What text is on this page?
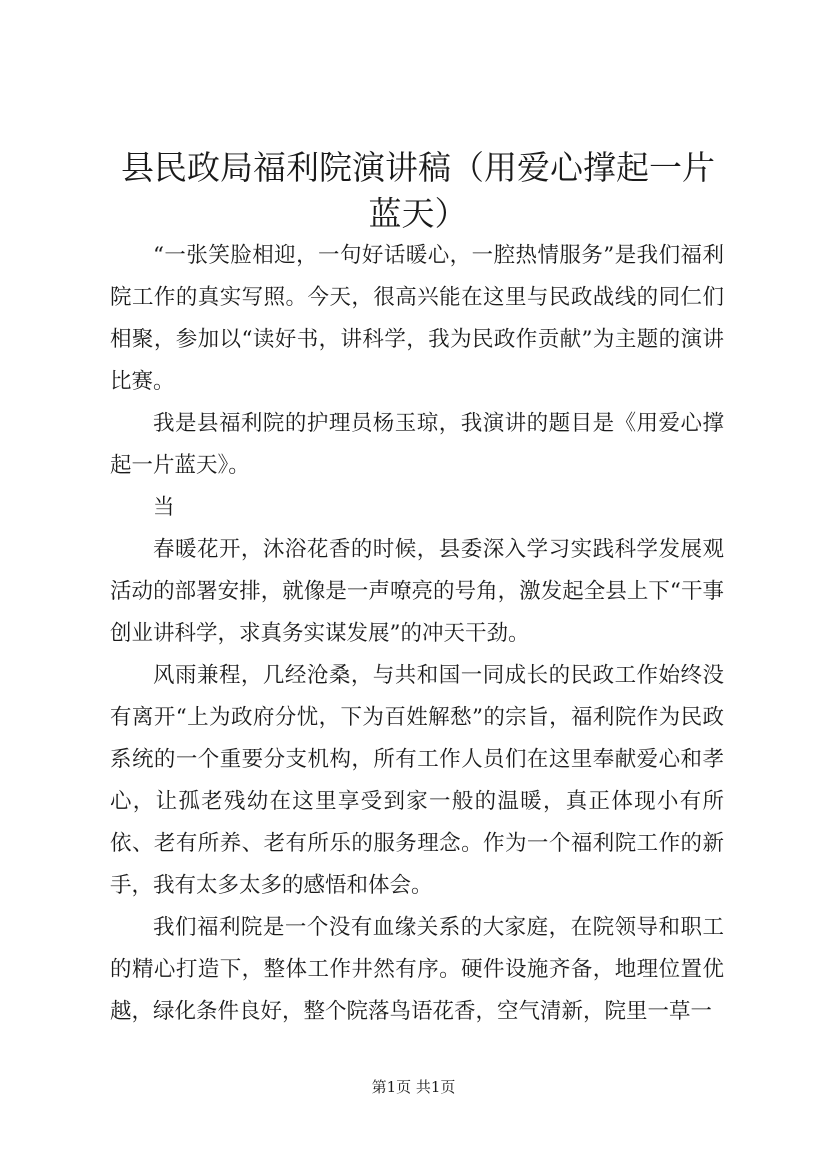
县民政局福利院演讲稿（用爱心撑起一片蓝天）

“一张笑脸相迎，一句好话暖心，一腔热情服务”是我们福利院工作的真实写照。今天，很高兴能在这里与民政战线的同仁们相聚，参加以“读好书，讲科学，我为民政作贡献”为主题的演讲比赛。

我是县福利院的护理员杨玉琼，我演讲的题目是《用爱心撑起一片蓝天》。

当

春暖花开，沐浴花香的时候，县委深入学习实践科学发展观活动的部署安排，就像是一声嘹亮的号角，激发起全县上下“干事创业讲科学，求真务实谋发展”的冲天干劲。

风雨兼程，几经沧桑，与共和国一同成长的民政工作始终没有离开“上为政府分忧，下为百姓解愁”的宗旨，福利院作为民政系统的一个重要分支机构，所有工作人员们在这里奉献爱心和孝心，让孤老残幼在这里享受到家一般的温暖，真正体现小有所依、老有所养、老有所乐的服务理念。作为一个福利院工作的新手，我有太多太多的感悟和体会。

我们福利院是一个没有血缘关系的大家庭，在院领导和职工的精心打造下，整体工作井然有序。硬件设施齐备，地理位置优越，绿化条件良好，整个院落鸟语花香，空气清新，院里一草一

第1页 共1页
